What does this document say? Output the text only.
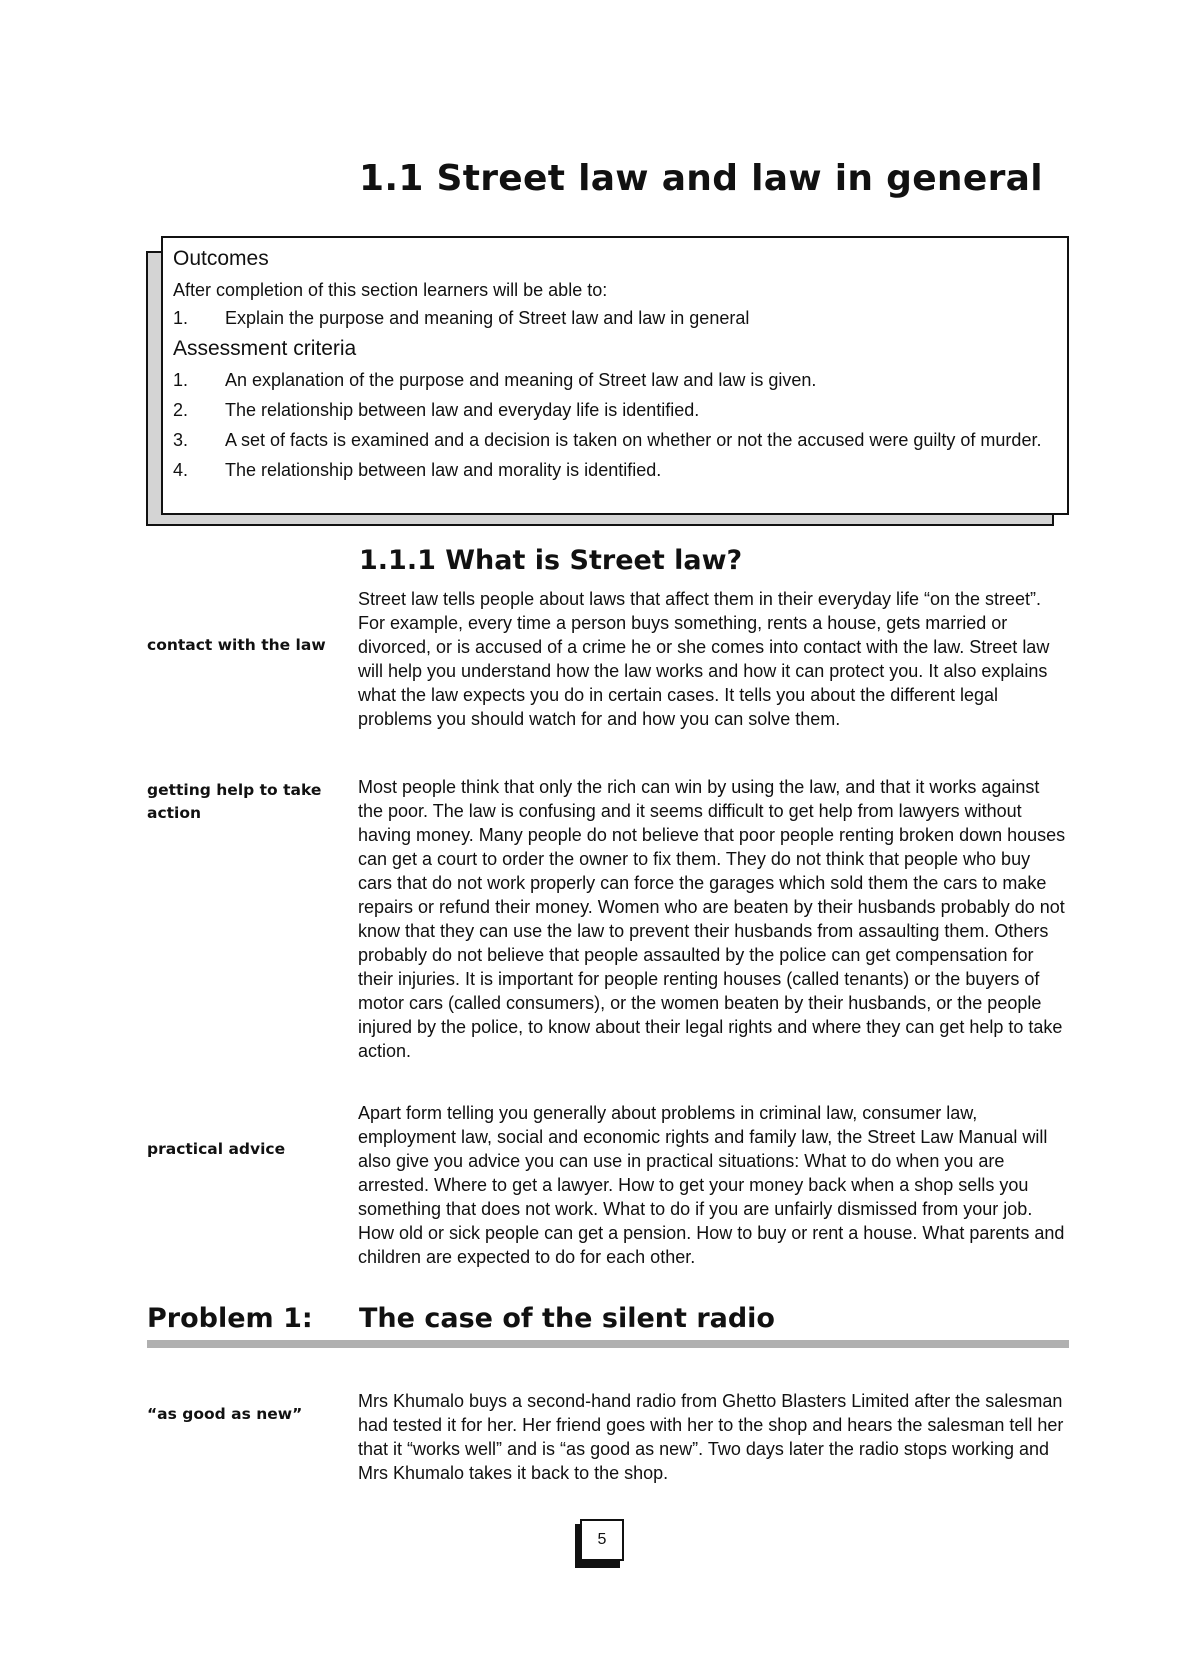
1.1 Street law and law in general
Outcomes
After completion of this section learners will be able to:
1.	Explain the purpose and meaning of Street law and law in general
Assessment criteria
1.	An explanation of the purpose and meaning of Street law and law is given.
2.	The relationship between law and everyday life is identified.
3.	A set of facts is examined and a decision is taken on whether or not the accused were guilty of murder.
4.	The relationship between law and morality is identified.
1.1.1 What is Street law?

contact with the law

Street law tells people about laws that affect them in their everyday life “on the street”. For example, every time a person buys something, rents a house, gets married or divorced, or is accused of a crime he or she comes into contact with the law. Street law will help you understand how the law works and how it can protect you. It also explains what the law expects you do in certain cases. It tells you about the different legal problems you should watch for and how you can solve them.

getting help to take action

Most people think that only the rich can win by using the law, and that it works against the poor. The law is confusing and it seems difficult to get help from lawyers without having money. Many people do not believe that poor people renting broken down houses can get a court to order the owner to fix them. They do not think that people who buy cars that do not work properly can force the garages which sold them the cars to make repairs or refund their money. Women who are beaten by their husbands probably do not know that they can use the law to prevent their husbands from assaulting them. Others probably do not believe that people assaulted by the police can get compensation for their injuries. It is important for people renting houses (called tenants) or the buyers of motor cars (called consumers), or the women beaten by their husbands, or the people injured by the police, to know about their legal rights and where they can get help to take action.

practical advice

Apart form telling you generally about problems in criminal law, consumer law, employment law, social and economic rights and family law, the Street Law Manual will also give you advice you can use in practical situations: What to do when you are arrested. Where to get a lawyer. How to get your money back when a shop sells you something that does not work. What to do if you are unfairly dismissed from your job. How old or sick people can get a pension. How to buy or rent a house. What parents and children are expected to do for each other.

Problem 1: The case of the silent radio

“as good as new”

Mrs Khumalo buys a second-hand radio from Ghetto Blasters Limited after the salesman had tested it for her. Her friend goes with her to the shop and hears the salesman tell her that it “works well” and is “as good as new”. Two days later the radio stops working and Mrs Khumalo takes it back to the shop.

5
